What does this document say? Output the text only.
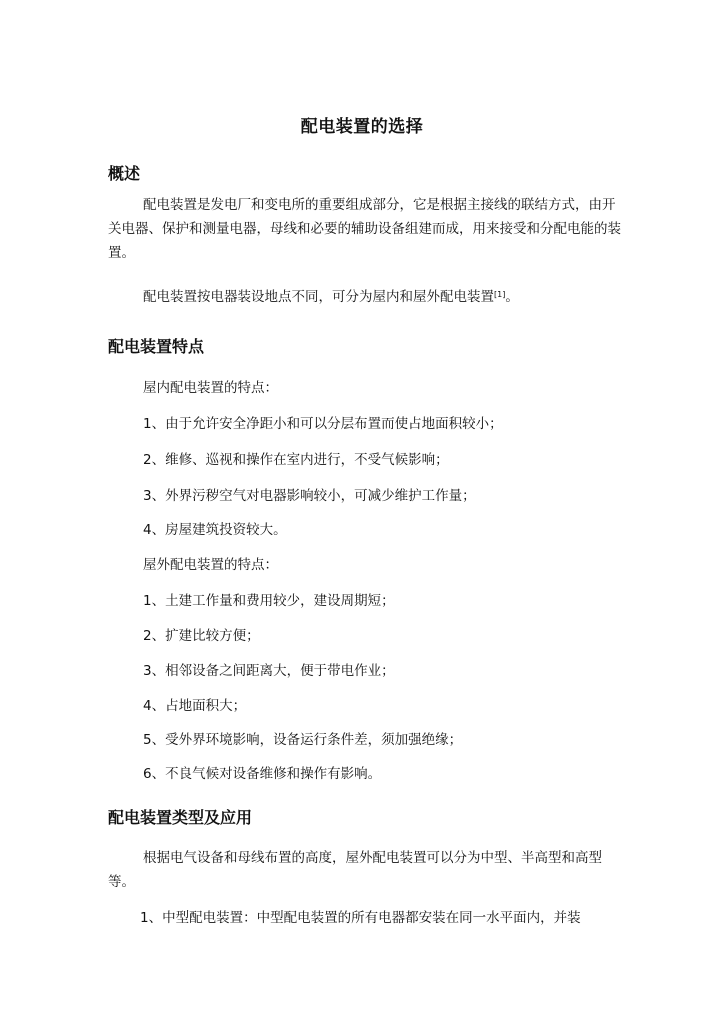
配电装置的选择
概述
配电装置是发电厂和变电所的重要组成部分，它是根据主接线的联结方式，由开关电器、保护和测量电器，母线和必要的辅助设备组建而成，用来接受和分配电能的装置。
配电装置按电器装设地点不同，可分为屋内和屋外配电装置[1]。
配电装置特点
屋内配电装置的特点：
1、由于允许安全净距小和可以分层布置而使占地面积较小；
2、维修、巡视和操作在室内进行，不受气候影响；
3、外界污秽空气对电器影响较小，可减少维护工作量；
4、房屋建筑投资较大。
屋外配电装置的特点：
1、土建工作量和费用较少，建设周期短；
2、扩建比较方便；
3、相邻设备之间距离大，便于带电作业；
4、占地面积大；
5、受外界环境影响，设备运行条件差，须加强绝缘；
6、不良气候对设备维修和操作有影响。
配电装置类型及应用
根据电气设备和母线布置的高度，屋外配电装置可以分为中型、半高型和高型等。
1、中型配电装置：中型配电装置的所有电器都安装在同一水平面内，并装
